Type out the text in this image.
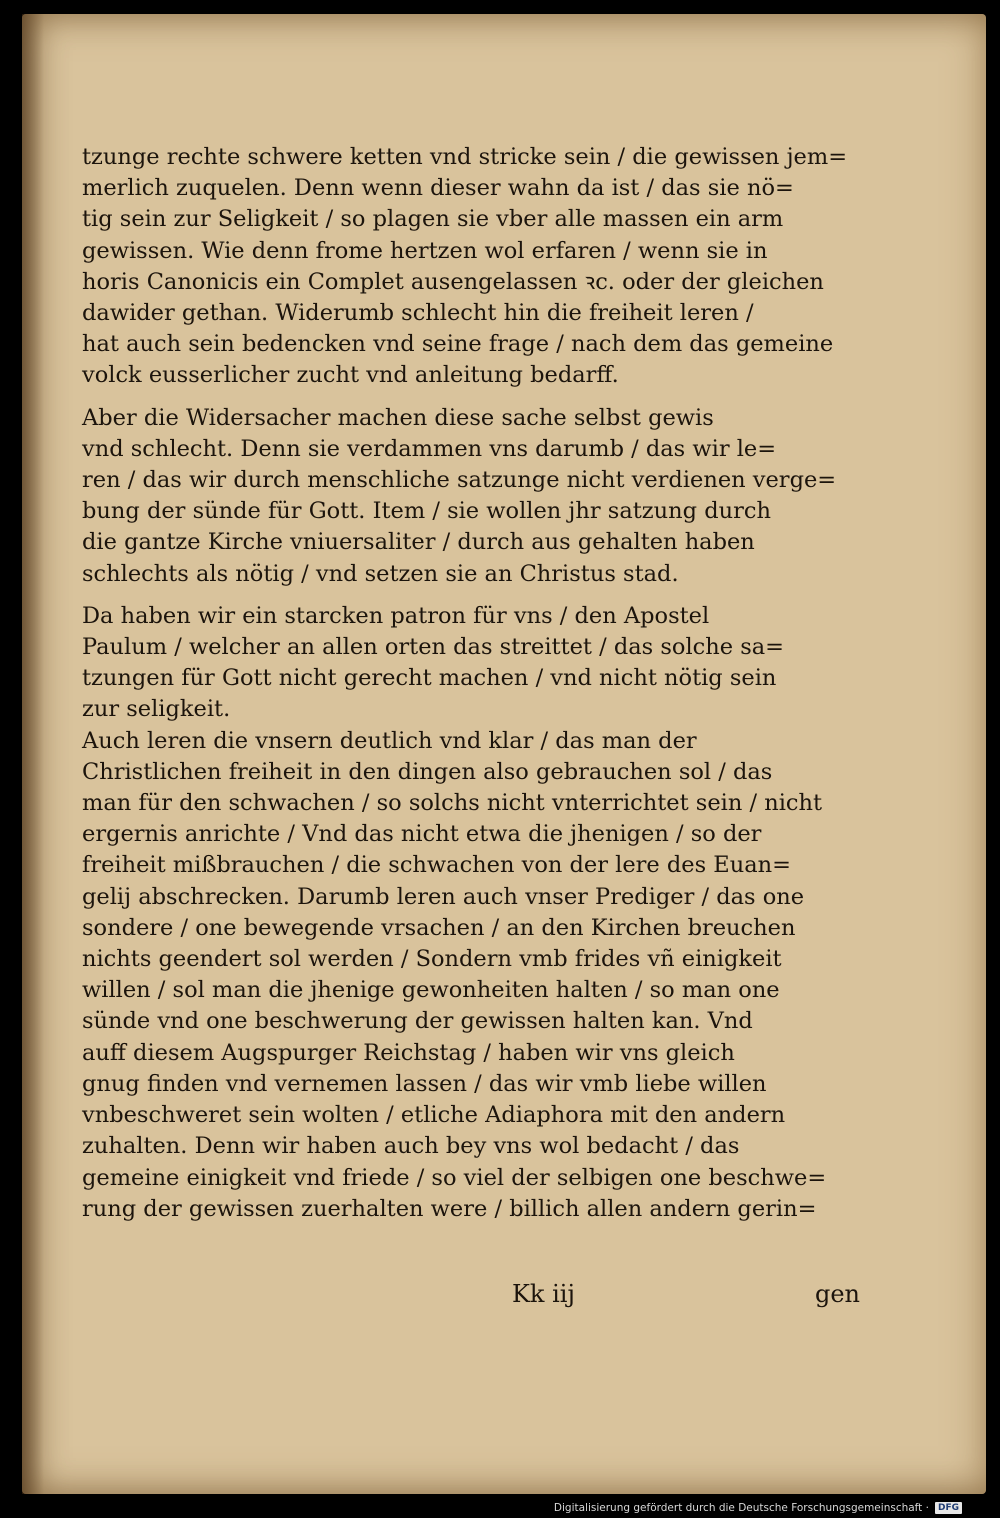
tzunge rechte schwere ketten vnd stricke sein / die gewissen jem=
merlich zuquelen. Denn wenn dieser wahn da ist / das sie nö=
tig sein zur Seligkeit / so plagen sie vber alle massen ein arm
gewissen. Wie denn frome hertzen wol erfaren / wenn sie in
horis Canonicis ein Complet ausengelassen ꝛc. oder der gleichen
dawider gethan. Widerumb schlecht hin die freiheit leren /
hat auch sein bedencken vnd seine frage / nach dem das gemeine
volck eusserlicher zucht vnd anleitung bedarff.

Aber die Widersacher machen diese sache selbst gewis
vnd schlecht. Denn sie verdammen vns darumb / das wir le=
ren / das wir durch menschliche satzunge nicht verdienen verge=
bung der sünde für Gott. Item / sie wollen jhr satzung durch
die gantze Kirche vniuersaliter / durch aus gehalten haben
schlechts als nötig / vnd setzen sie an Christus stad.

Da haben wir ein starcken patron für vns / den Apostel
Paulum / welcher an allen orten das streittet / das solche sa=
tzungen für Gott nicht gerecht machen / vnd nicht nötig sein
zur seligkeit.

Auch leren die vnsern deutlich vnd klar / das man der
Christlichen freiheit in den dingen also gebrauchen sol / das
man für den schwachen / so solchs nicht vnterrichtet sein / nicht
ergernis anrichte / Vnd das nicht etwa die jhenigen / so der
freiheit mißbrauchen / die schwachen von der lere des Euan=
gelij abschrecken. Darumb leren auch vnser Prediger / das one
sondere / one bewegende vrsachen / an den Kirchen breuchen
nichts geendert sol werden / Sondern vmb frides vñ einigkeit
willen / sol man die jhenige gewonheiten halten / so man one
sünde vnd one beschwerung der gewissen halten kan. Vnd
auff diesem Augspurger Reichstag / haben wir vns gleich
gnug finden vnd vernemen lassen / das wir vmb liebe willen
vnbeschweret sein wolten / etliche Adiaphora mit den andern
zuhalten. Denn wir haben auch bey vns wol bedacht / das
gemeine einigkeit vnd friede / so viel der selbigen one beschwe=
rung der gewissen zuerhalten were / billich allen andern gerin=

Kk iij	gen
Digitalisierung gefördert durch die Deutsche Forschungsgemeinschaft ·	DFG
